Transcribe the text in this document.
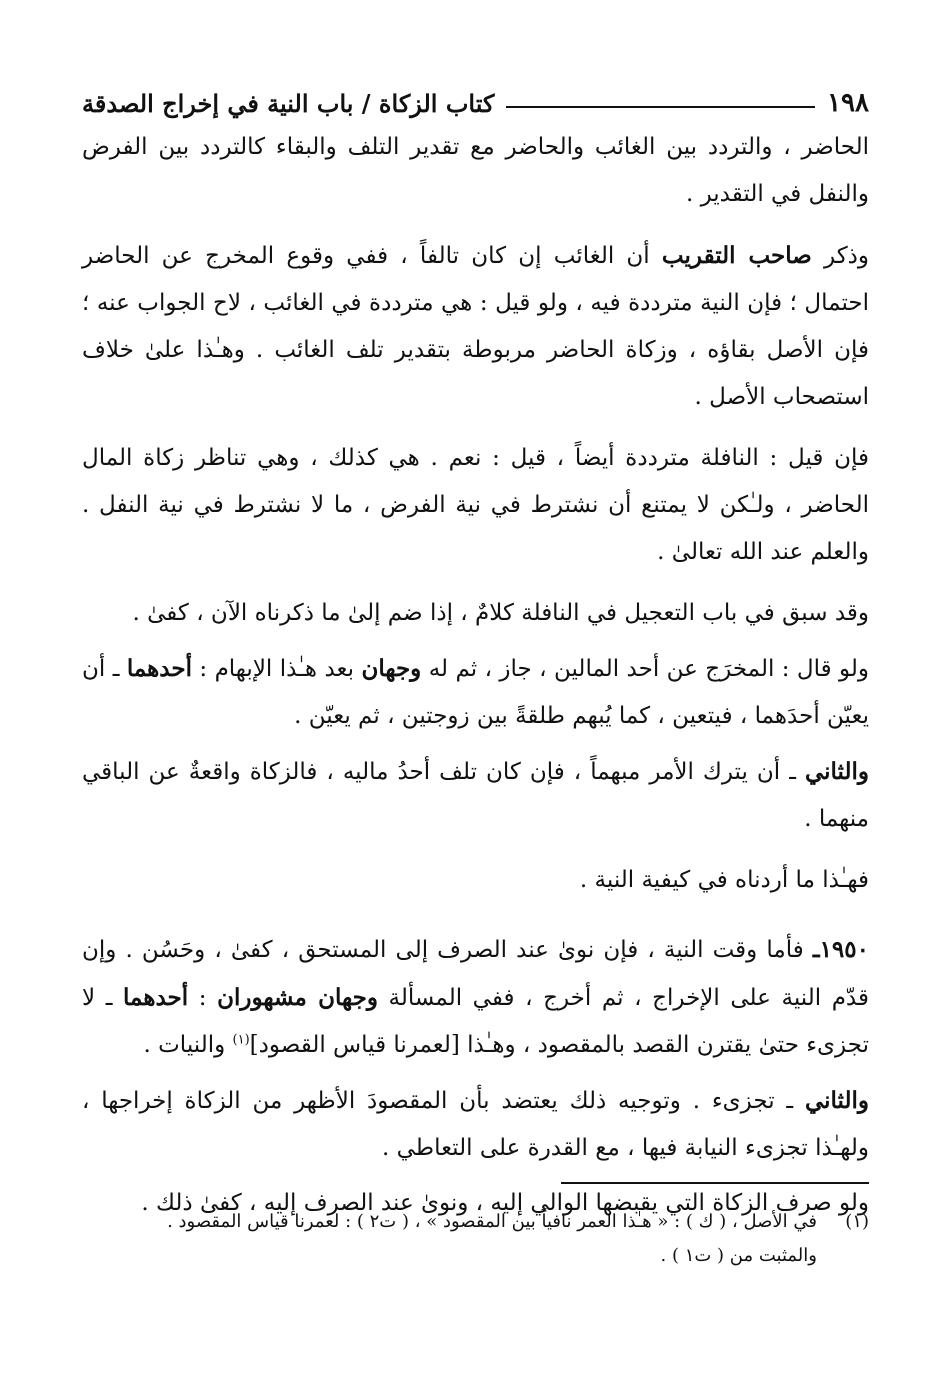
١٩٨
كتاب الزكاة / باب النية في إخراج الصدقة

الحاضر ، والتردد بين الغائب والحاضر مع تقدير التلف والبقاء كالتردد بين الفرض والنفل في التقدير .

وذكر صاحب التقريب أن الغائب إن كان تالفاً ، ففي وقوع المخرج عن الحاضر احتمال ؛ فإن النية مترددة فيه ، ولو قيل : هي مترددة في الغائب ، لاح الجواب عنه ؛ فإن الأصل بقاؤه ، وزكاة الحاضر مربوطة بتقدير تلف الغائب . وهـٰذا علىٰ خلاف استصحاب الأصل .

فإن قيل : النافلة مترددة أيضاً ، قيل : نعم . هي كذلك ، وهي تناظر زكاة المال الحاضر ، ولـٰكن لا يمتنع أن نشترط في نية الفرض ، ما لا نشترط في نية النفل . والعلم عند الله تعالىٰ .

وقد سبق في باب التعجيل في النافلة كلامٌ ، إذا ضم إلىٰ ما ذكرناه الآن ، كفىٰ .

ولو قال : المخرَج عن أحد المالين ، جاز ، ثم له وجهان بعد هـٰذا الإبهام : أحدهما ـ أن يعيّن أحدَهما ، فيتعين ، كما يُبهم طلقةً بين زوجتين ، ثم يعيّن .

والثاني ـ أن يترك الأمر مبهماً ، فإن كان تلف أحدُ ماليه ، فالزكاة واقعةٌ عن الباقي منهما .

فهـٰذا ما أردناه في كيفية النية .

١٩٥٠ـ فأما وقت النية ، فإن نوىٰ عند الصرف إلى المستحق ، كفىٰ ، وحَسُن . وإن قدّم النية على الإخراج ، ثم أخرج ، ففي المسألة وجهان مشهوران : أحدهما ـ لا تجزىء حتىٰ يقترن القصد بالمقصود ، وهـٰذا [لعمرنا قياس القصود]$^{(١)}$ والنيات .

والثاني ـ تجزىء . وتوجيه ذلك يعتضد بأن المقصودَ الأظهر من الزكاة إخراجها ، ولهـٰذا تجزىء النيابة فيها ، مع القدرة على التعاطي .

ولو صرف الزكاة التي يقبضها الوالي إليه ، ونوىٰ عند الصرف إليه ، كفىٰ ذلك .

(١)
في الأصل ، ( ك ) : « هـٰذا العمر نافياً بين المقصود » ، ( ت٢ ) : لعمرنا قياس المقصود .
والمثبت من ( ت١ ) .
